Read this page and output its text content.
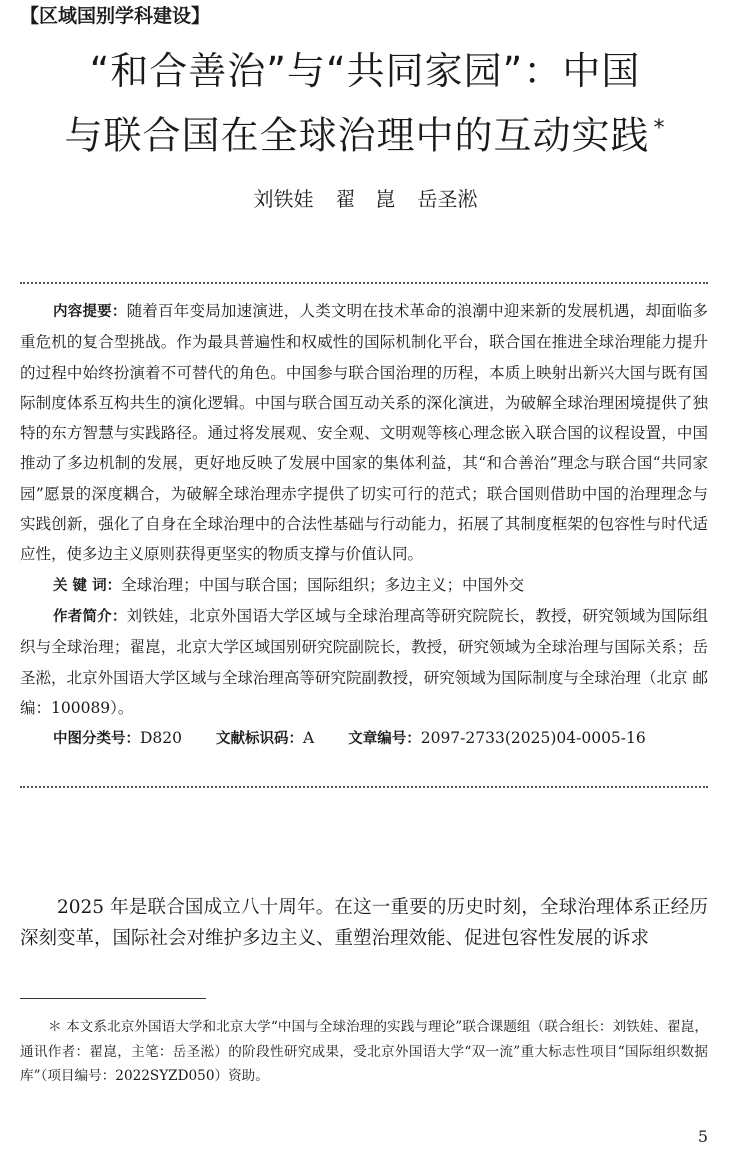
【区域国别学科建设】
“和合善治”与“共同家园”：中国
与联合国在全球治理中的互动实践 *
刘铁娃 翟　崑 岳圣淞

内容提要：随着百年变局加速演进，人类文明在技术革命的浪潮中迎来新的发展机遇，却面临多重危机的复合型挑战。作为最具普遍性和权威性的国际机制化平台，联合国在推进全球治理能力提升的过程中始终扮演着不可替代的角色。中国参与联合国治理的历程，本质上映射出新兴大国与既有国际制度体系互构共生的演化逻辑。中国与联合国互动关系的深化演进，为破解全球治理困境提供了独特的东方智慧与实践路径。通过将发展观、安全观、文明观等核心理念嵌入联合国的议程设置，中国推动了多边机制的发展，更好地反映了发展中国家的集体利益，其“和合善治”理念与联合国“共同家园”愿景的深度耦合，为破解全球治理赤字提供了切实可行的范式；联合国则借助中国的治理理念与实践创新，强化了自身在全球治理中的合法性基础与行动能力，拓展了其制度框架的包容性与时代适应性，使多边主义原则获得更坚实的物质支撑与价值认同。

关 键 词：全球治理；中国与联合国；国际组织；多边主义；中国外交

作者简介：刘铁娃，北京外国语大学区域与全球治理高等研究院院长，教授，研究领域为国际组织与全球治理；翟崑，北京大学区域国别研究院副院长，教授，研究领域为全球治理与国际关系；岳圣淞，北京外国语大学区域与全球治理高等研究院副教授，研究领域为国际制度与全球治理（北京 邮编：100089）。

中图分类号：D820 文献标识码：A 文章编号：2097-2733(2025)04-0005-16

2025 年是联合国成立八十周年。在这一重要的历史时刻，全球治理体系正经历深刻变革，国际社会对维护多边主义、重塑治理效能、促进包容性发展的诉求

＊ 本文系北京外国语大学和北京大学“中国与全球治理的实践与理论”联合课题组（联合组长：刘铁娃、翟崑，通讯作者：翟崑，主笔：岳圣淞）的阶段性研究成果，受北京外国语大学“双一流”重大标志性项目“国际组织数据库”（项目编号：2022SYZD050）资助。

5
